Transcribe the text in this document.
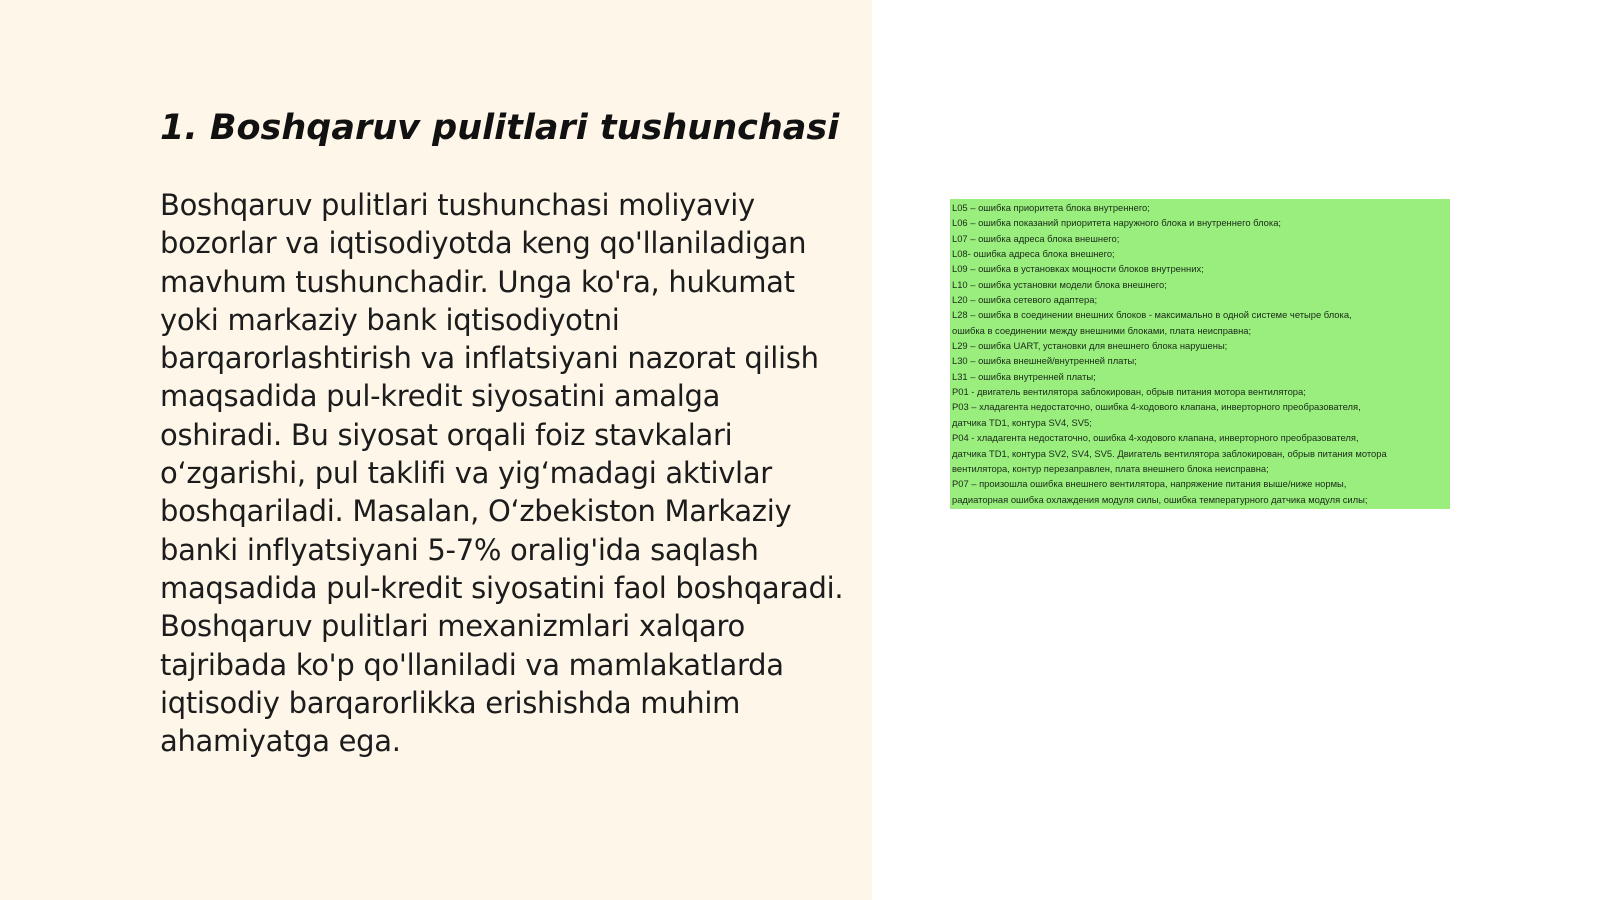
1. Boshqaruv pulitlari tushunchasi

Boshqaruv pulitlari tushunchasi moliyaviy bozorlar va iqtisodiyotda keng qo'llaniladigan mavhum tushunchadir. Unga ko'ra, hukumat yoki markaziy bank iqtisodiyotni barqarorlashtirish va inflatsiyani nazorat qilish maqsadida pul-kredit siyosatini amalga oshiradi. Bu siyosat orqali foiz stavkalari o‘zgarishi, pul taklifi va yig‘madagi aktivlar boshqariladi. Masalan, O‘zbekiston Markaziy banki inflyatsiyani 5-7% oralig'ida saqlash maqsadida pul-kredit siyosatini faol boshqaradi. Boshqaruv pulitlari mexanizmlari xalqaro tajribada ko'p qo'llaniladi va mamlakatlarda iqtisodiy barqarorlikka erishishda muhim ahamiyatga ega.

L05 – ошибка приоритета блока внутреннего;
L06 – ошибка показаний приоритета наружного блока и внутреннего блока;
L07 – ошибка адреса блока внешнего;
L08- ошибка адреса блока внешнего;
L09 – ошибка в установках мощности блоков внутренних;
L10 – ошибка установки модели блока внешнего;
L20 – ошибка сетевого адаптера;
L28 – ошибка в соединении внешних блоков - максимально в одной системе четыре блока,
ошибка в соединении между внешними блоками, плата неисправна;
L29 – ошибка UART, установки для внешнего блока нарушены;
L30 – ошибка внешней/внутренней платы;
L31 – ошибка внутренней платы;
P01 - двигатель вентилятора заблокирован, обрыв питания мотора вентилятора;
P03 – хладагента недостаточно, ошибка 4-ходового клапана, инверторного преобразователя,
датчика TD1, контура SV4, SV5;
P04 - хладагента недостаточно, ошибка 4-ходового клапана, инверторного преобразователя,
датчика TD1, контура SV2, SV4, SV5. Двигатель вентилятора заблокирован, обрыв питания мотора
вентилятора, контур перезаправлен, плата внешнего блока неисправна;
P07 – произошла ошибка внешнего вентилятора, напряжение питания выше/ниже нормы,
радиаторная ошибка охлаждения модуля силы, ошибка температурного датчика модуля силы;
